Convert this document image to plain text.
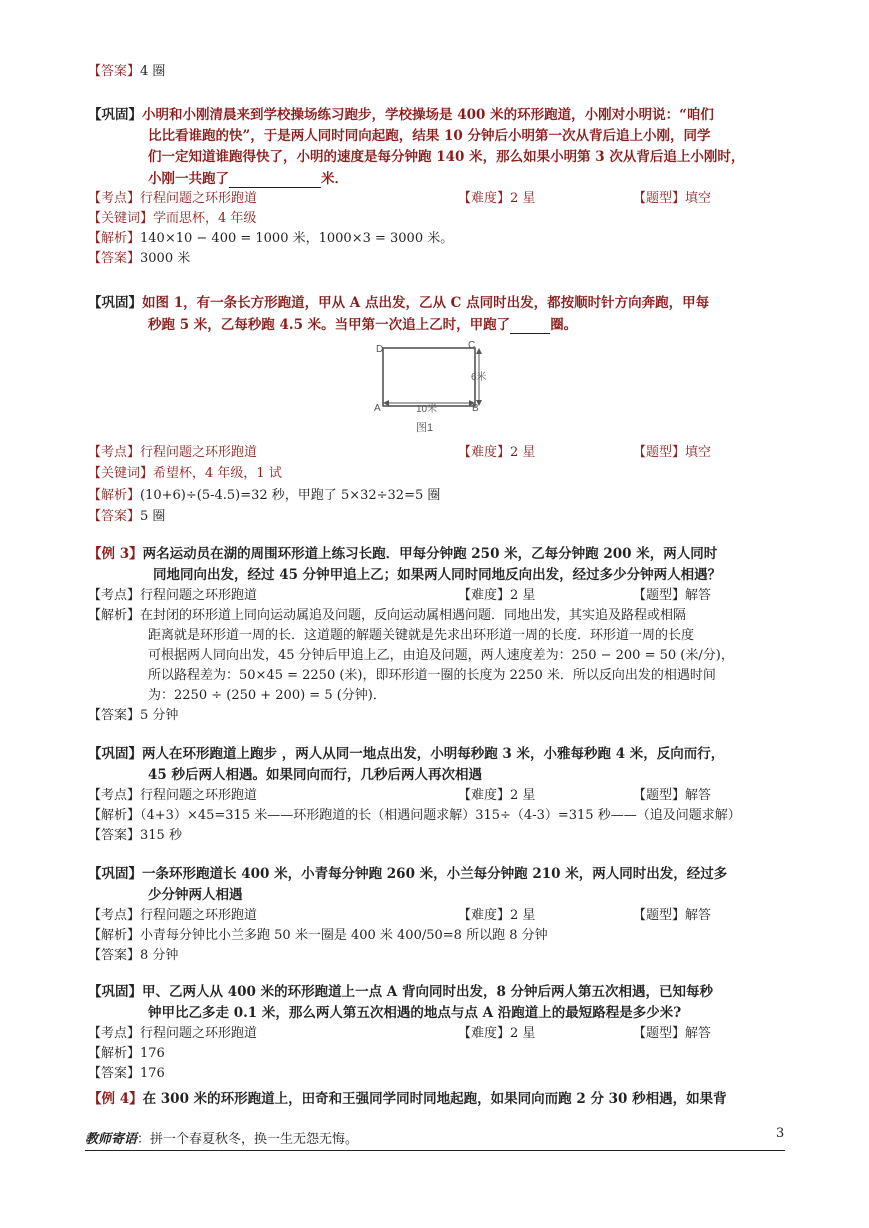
【答案】4 圈
【巩固】小明和小刚清晨来到学校操场练习跑步，学校操场是 400 米的环形跑道，小刚对小明说：“咱们
比比看谁跑的快”，于是两人同时同向起跑，结果 10 分钟后小明第一次从背后追上小刚，同学
们一定知道谁跑得快了，小明的速度是每分钟跑 140 米，那么如果小明第 3 次从背后追上小刚时，
小刚一共跑了	米．
【考点】行程问题之环形跑道	【难度】2 星	【题型】填空
【关键词】学而思杯，4 年级
【解析】140×10 − 400 = 1000 米，1000×3 = 3000 米。
【答案】3000 米
【巩固】如图 1，有一条长方形跑道，甲从 A 点出发，乙从 C 点同时出发，都按顺时针方向奔跑，甲每
秒跑 5 米，乙每秒跑 4.5 米。当甲第一次追上乙时，甲跑了	圈。
D	C
A	B
6米
10米
图1
【考点】行程问题之环形跑道	【难度】2 星	【题型】填空
【关键词】希望杯，4 年级，1 试
【解析】(10+6)÷(5-4.5)=32 秒，甲跑了 5×32÷32=5 圈
【答案】5 圈
【例 3】两名运动员在湖的周围环形道上练习长跑．甲每分钟跑 250 米，乙每分钟跑 200 米，两人同时
同地同向出发，经过 45 分钟甲追上乙；如果两人同时同地反向出发，经过多少分钟两人相遇？
【考点】行程问题之环形跑道	【难度】2 星	【题型】解答
【解析】在封闭的环形道上同向运动属追及问题，反向运动属相遇问题．同地出发，其实追及路程或相隔
距离就是环形道一周的长．这道题的解题关键就是先求出环形道一周的长度．环形道一周的长度
可根据两人同向出发，45 分钟后甲追上乙，由追及问题，两人速度差为：250 − 200 = 50 (米/分)，
所以路程差为：50×45 = 2250 (米)，即环形道一圈的长度为 2250 米．所以反向出发的相遇时间
为：2250 ÷ (250 + 200) = 5 (分钟)．
【答案】5 分钟
【巩固】两人在环形跑道上跑步 ，两人从同一地点出发，小明每秒跑 3 米，小雅每秒跑 4 米，反向而行，
45 秒后两人相遇。如果同向而行，几秒后两人再次相遇
【考点】行程问题之环形跑道	【难度】2 星	【题型】解答
【解析】（4+3）×45=315 米——环形跑道的长（相遇问题求解）315÷（4-3）=315 秒——（追及问题求解）
【答案】315 秒
【巩固】一条环形跑道长 400 米，小青每分钟跑 260 米，小兰每分钟跑 210 米，两人同时出发，经过多
少分钟两人相遇
【考点】行程问题之环形跑道	【难度】2 星	【题型】解答
【解析】小青每分钟比小兰多跑 50 米一圈是 400 米 400/50=8 所以跑 8 分钟
【答案】8 分钟
【巩固】甲、乙两人从 400 米的环形跑道上一点 A 背向同时出发，8 分钟后两人第五次相遇，已知每秒
钟甲比乙多走 0.1 米，那么两人第五次相遇的地点与点 A 沿跑道上的最短路程是多少米?
【考点】行程问题之环形跑道	【难度】2 星	【题型】解答
【解析】176
【答案】176
【例 4】在 300 米的环形跑道上，田奇和王强同学同时同地起跑，如果同向而跑 2 分 30 秒相遇，如果背
教师寄语：拼一个春夏秋冬，换一生无怨无悔。	3
